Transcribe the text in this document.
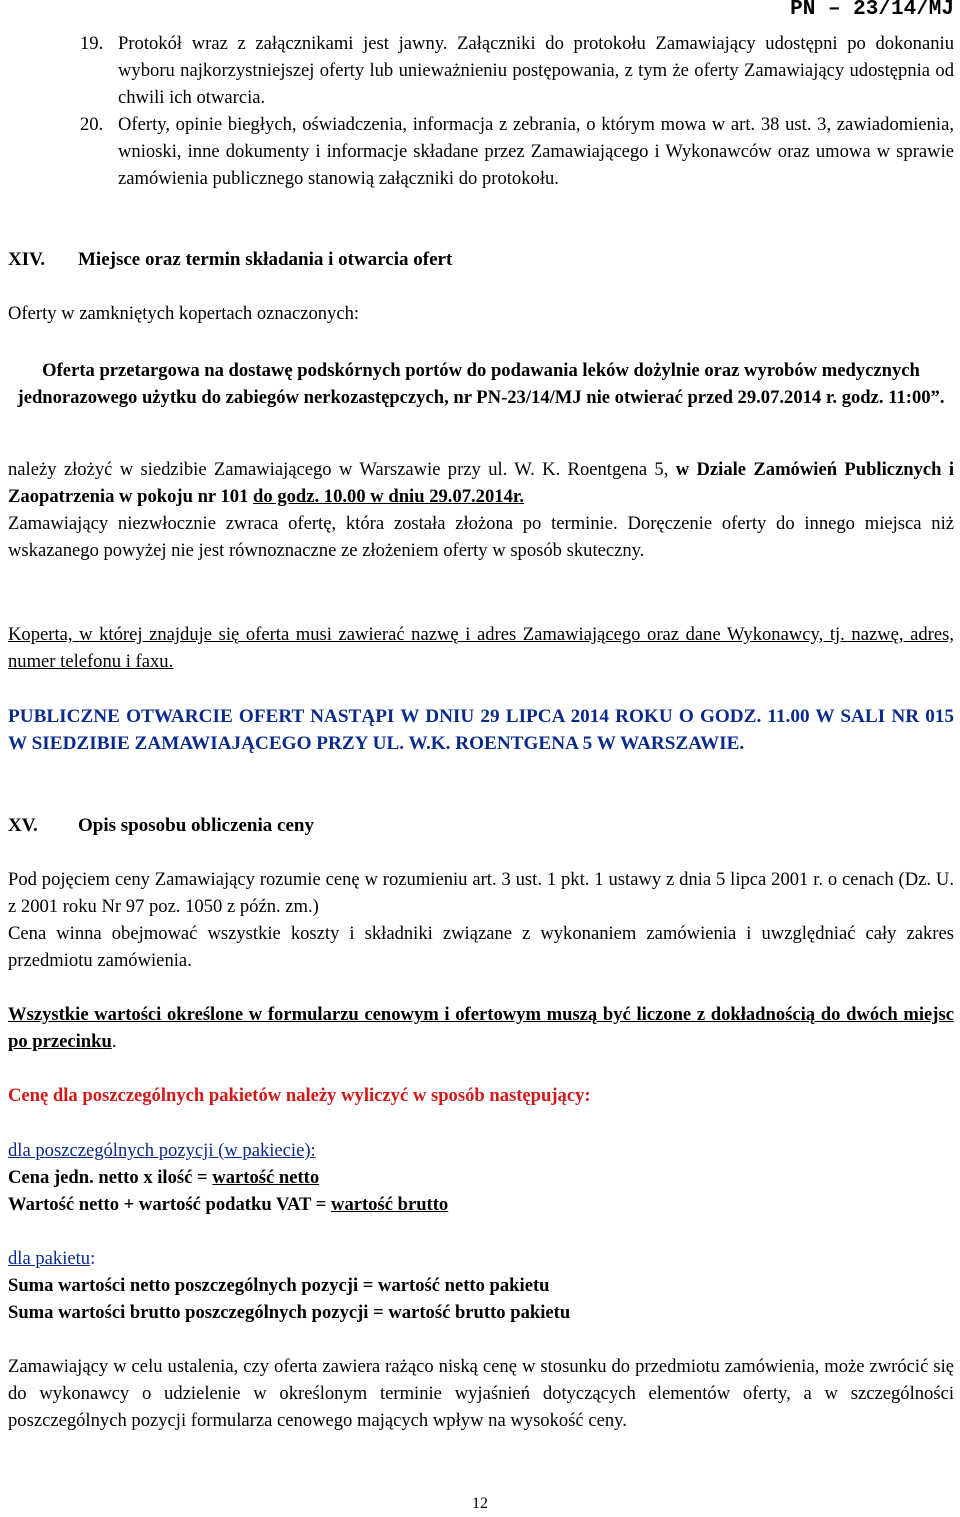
PN – 23/14/MJ
19. Protokół wraz z załącznikami jest jawny. Załączniki do protokołu Zamawiający udostępni po dokonaniu wyboru najkorzystniejszej oferty lub unieważnieniu postępowania, z tym że oferty Zamawiający udostępnia od chwili ich otwarcia.
20. Oferty, opinie biegłych, oświadczenia, informacja z zebrania, o którym mowa w art. 38 ust. 3, zawiadomienia, wnioski, inne dokumenty i informacje składane przez Zamawiającego i Wykonawców oraz umowa w sprawie zamówienia publicznego stanowią załączniki do protokołu.
XIV. Miejsce oraz termin składania i otwarcia ofert
Oferty w zamkniętych kopertach oznaczonych:
Oferta przetargowa na dostawę podskórnych portów do podawania leków dożylnie oraz wyrobów medycznych jednorazowego użytku do zabiegów nerkozastępczych, nr PN-23/14/MJ nie otwierać przed 29.07.2014 r. godz. 11:00”.
należy złożyć w siedzibie Zamawiającego w Warszawie przy ul. W. K. Roentgena 5, w Dziale Zamówień Publicznych i Zaopatrzenia w pokoju nr 101 do godz. 10.00 w dniu 29.07.2014r.
Zamawiający niezwłocznie zwraca ofertę, która została złożona po terminie. Doręczenie oferty do innego miejsca niż wskazanego powyżej nie jest równoznaczne ze złożeniem oferty w sposób skuteczny.
Koperta, w której znajduje się oferta musi zawierać nazwę i adres Zamawiającego oraz dane Wykonawcy, tj. nazwę, adres, numer telefonu i faxu.
PUBLICZNE OTWARCIE OFERT NASTĄPI W DNIU 29 LIPCA 2014 ROKU O GODZ. 11.00 W SALI NR 015 W SIEDZIBIE ZAMAWIAJĄCEGO PRZY UL. W.K. ROENTGENA 5 W WARSZAWIE.
XV. Opis sposobu obliczenia ceny
Pod pojęciem ceny Zamawiający rozumie cenę w rozumieniu art. 3 ust. 1 pkt. 1 ustawy z dnia 5 lipca 2001 r. o cenach (Dz. U. z 2001 roku Nr 97 poz. 1050 z późn. zm.)
Cena winna obejmować wszystkie koszty i składniki związane z wykonaniem zamówienia i uwzględniać cały zakres przedmiotu zamówienia.
Wszystkie wartości określone w formularzu cenowym i ofertowym muszą być liczone z dokładnością do dwóch miejsc po przecinku.
Cenę dla poszczególnych pakietów należy wyliczyć w sposób następujący:
dla poszczególnych pozycji (w pakiecie):
Cena jedn. netto x ilość = wartość netto
Wartość netto + wartość podatku VAT = wartość brutto
dla pakietu:
Suma wartości netto poszczególnych pozycji = wartość netto pakietu
Suma wartości brutto poszczególnych pozycji = wartość brutto pakietu
Zamawiający w celu ustalenia, czy oferta zawiera rażąco niską cenę w stosunku do przedmiotu zamówienia, może zwrócić się do wykonawcy o udzielenie w określonym terminie wyjaśnień dotyczących elementów oferty, a w szczególności poszczególnych pozycji formularza cenowego mających wpływ na wysokość ceny.
12
